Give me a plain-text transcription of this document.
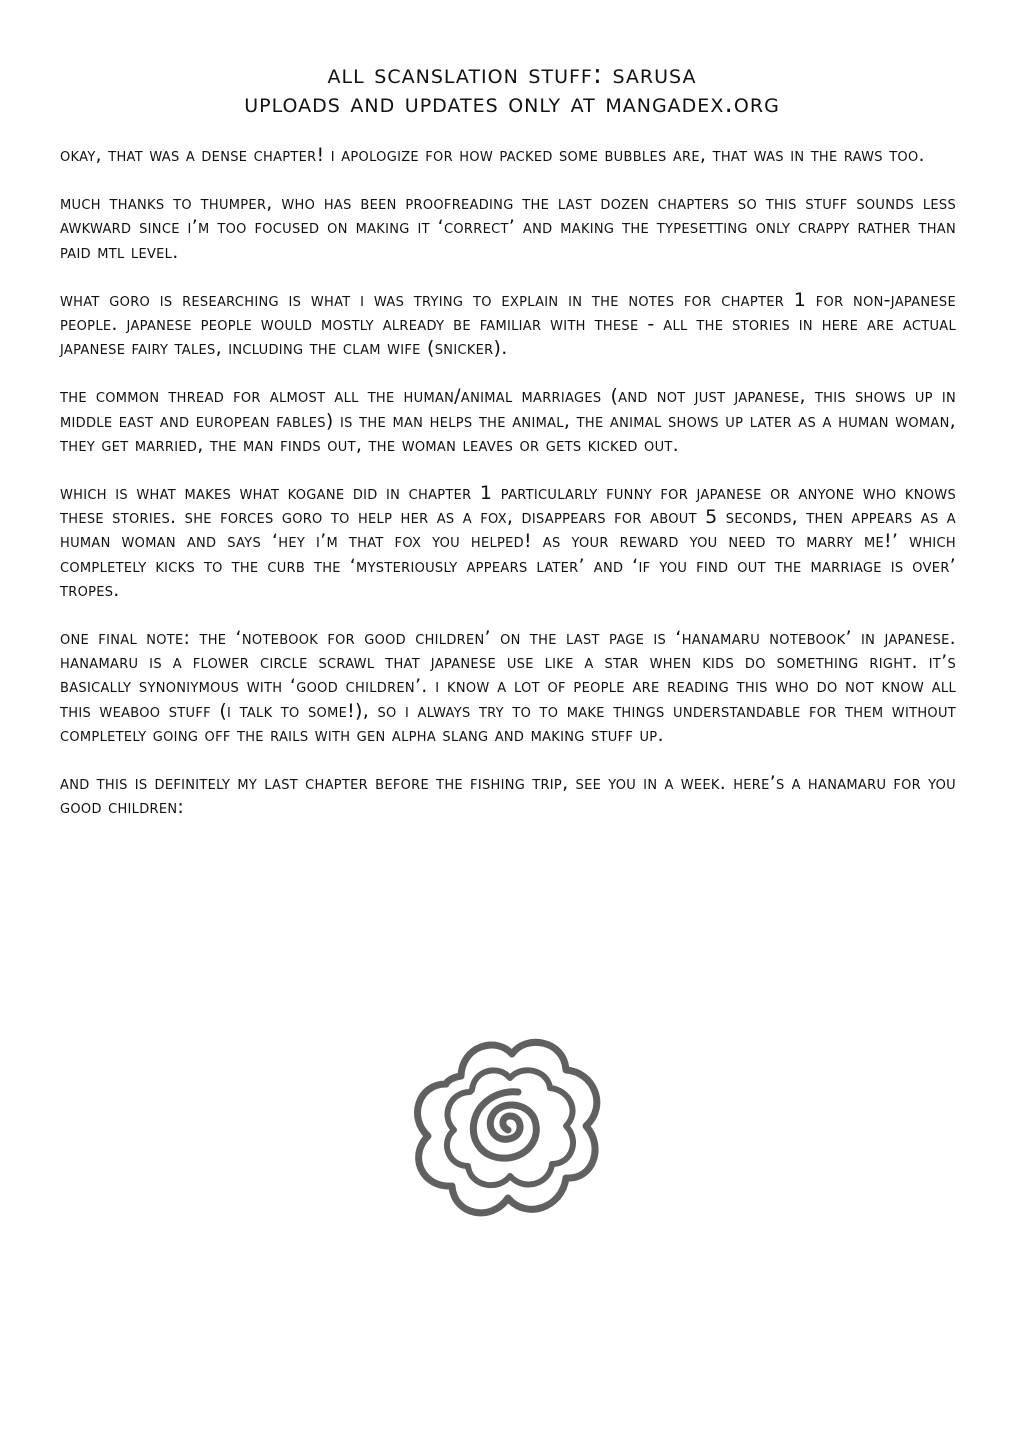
all scanslation stuff: sarusa
uploads and updates only at mangadex.org

okay, that was a dense chapter! i apologize for how packed some bubbles are, that was in the raws too.

much thanks to thumper, who has been proofreading the last dozen chapters so this stuff sounds less awkward since i’m too focused on making it ‘correct’ and making the typesetting only crappy rather than paid mtl level.

what goro is researching is what i was trying to explain in the notes for chapter 1 for non-japanese people. japanese people would mostly already be familiar with these - all the stories in here are actual japanese fairy tales, including the clam wife (snicker).

the common thread for almost all the human/animal marriages (and not just japanese, this shows up in middle east and european fables) is the man helps the animal, the animal shows up later as a human woman, they get married, the man finds out, the woman leaves or gets kicked out.

which is what makes what kogane did in chapter 1 particularly funny for japanese or anyone who knows these stories. she forces goro to help her as a fox, disappears for about 5 seconds, then appears as a human woman and says ‘hey i’m that fox you helped! as your reward you need to marry me!’ which completely kicks to the curb the ‘mysteriously appears later’ and ‘if you find out the marriage is over’ tropes.

one final note: the ‘notebook for good children’ on the last page is ‘hanamaru notebook’ in japanese. hanamaru is a flower circle scrawl that japanese use like a star when kids do something right. it’s basically synoniymous with ‘good children’. i know a lot of people are reading this who do not know all this weaboo stuff (i talk to some!), so i always try to to make things understandable for them without completely going off the rails with gen alpha slang and making stuff up.

and this is definitely my last chapter before the fishing trip, see you in a week. here’s a hanamaru for you good children:
